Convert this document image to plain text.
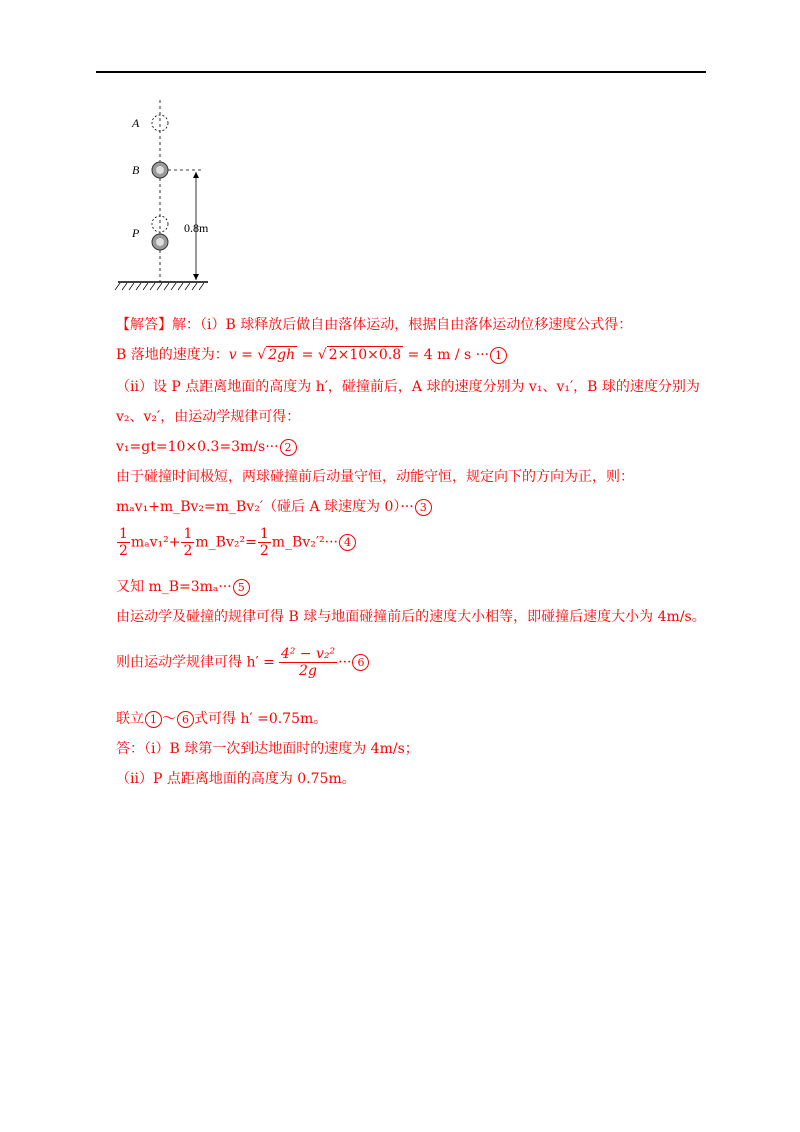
A
B
P	0.8m
【解答】解：（i）B 球释放后做自由落体运动，根据自由落体运动位移速度公式得：
B 落地的速度为：v = √ 2gh = √ 2×10×0.8 = 4 m / s ··· 1
（ii）设 P 点距离地面的高度为 h′，碰撞前后，A 球的速度分别为 v₁、v₁′，B 球的速度分别为
v₂、v₂′，由运动学规律可得：
v₁=gt=10×0.3=3m/s··· 2
由于碰撞时间极短，两球碰撞前后动量守恒，动能守恒，规定向下的方向为正，则：
mₐv₁+m_Bv₂=m_Bv₂′（碰后 A 球速度为 0）··· 3
$\frac{1}{2} m_av_1^2+ \frac{1}{2}$ m_Bv₂²= $\frac{1}{2}$ m_Bv₂′²··· 4
又知 m_B=3mₐ··· 5
由运动学及碰撞的规律可得 B 球与地面碰撞前后的速度大小相等，即碰撞后速度大小为 4m/s。
则由运动学规律可得 $h' = \frac{\text{4² − v₂²}}{2g}$ ··· 6
联立 1 ～ 6 式可得 h′ =0.75m。
答：（i）B 球第一次到达地面时的速度为 4m/s；
（ii）P 点距离地面的高度为 0.75m。
